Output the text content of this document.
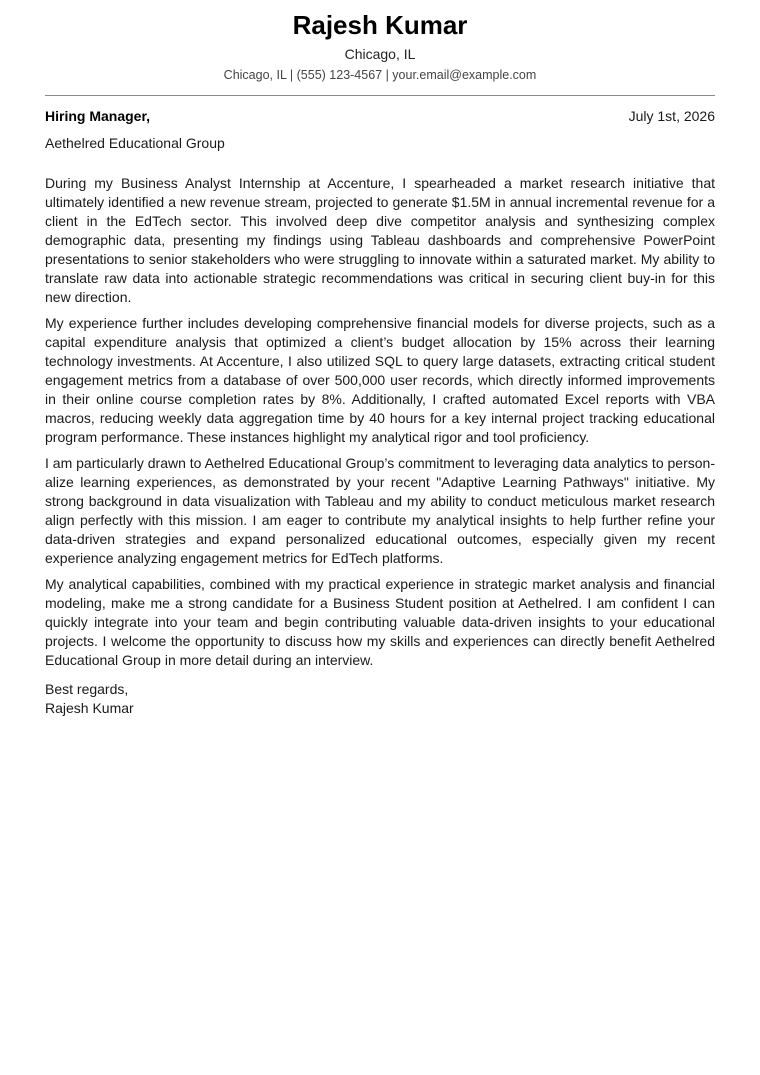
Rajesh Kumar
Chicago, IL
Chicago, IL | (555) 123-4567 | your.email@example.com
Hiring Manager,	July 1st, 2026
Aethelred Educational Group

During my Business Analyst Internship at Accenture, I spearheaded a market research initiative that ultimately identified a new revenue stream, projected to generate $1.5M in annual incremental revenue for a client in the EdTech sector. This involved deep dive competitor analysis and synthesizing complex demographic data, presenting my findings using Tableau dashboards and comprehensive PowerPoint presentations to senior stakeholders who were struggling to innovate within a saturated market. My ability to translate raw data into actionable strategic recommendations was critical in securing client buy-in for this new direction.

My experience further includes developing comprehensive financial models for diverse projects, such as a capital expenditure analysis that optimized a client’s budget allocation by 15% across their learning technology investments. At Accenture, I also utilized SQL to query large datasets, extracting critical student engagement metrics from a database of over 500,000 user records, which directly informed improvements in their online course completion rates by 8%. Additionally, I crafted automated Excel reports with VBA macros, reducing weekly data aggregation time by 40 hours for a key internal project tracking educational program performance. These instances highlight my analytical rigor and tool proficiency.

I am particularly drawn to Aethelred Educational Group’s commitment to leveraging data analytics to personalize learning experiences, as demonstrated by your recent "Adaptive Learning Pathways" initiative. My strong background in data visualization with Tableau and my ability to conduct meticulous market research align perfectly with this mission. I am eager to contribute my analytical insights to help further refine your data-driven strategies and expand personalized educational outcomes, especially given my recent experience analyzing engagement metrics for EdTech platforms.

My analytical capabilities, combined with my practical experience in strategic market analysis and financial modeling, make me a strong candidate for a Business Student position at Aethelred. I am confident I can quickly integrate into your team and begin contributing valuable data-driven insights to your educational projects. I welcome the opportunity to discuss how my skills and experiences can directly benefit Aethelred Educational Group in more detail during an interview.

Best regards,
Rajesh Kumar
